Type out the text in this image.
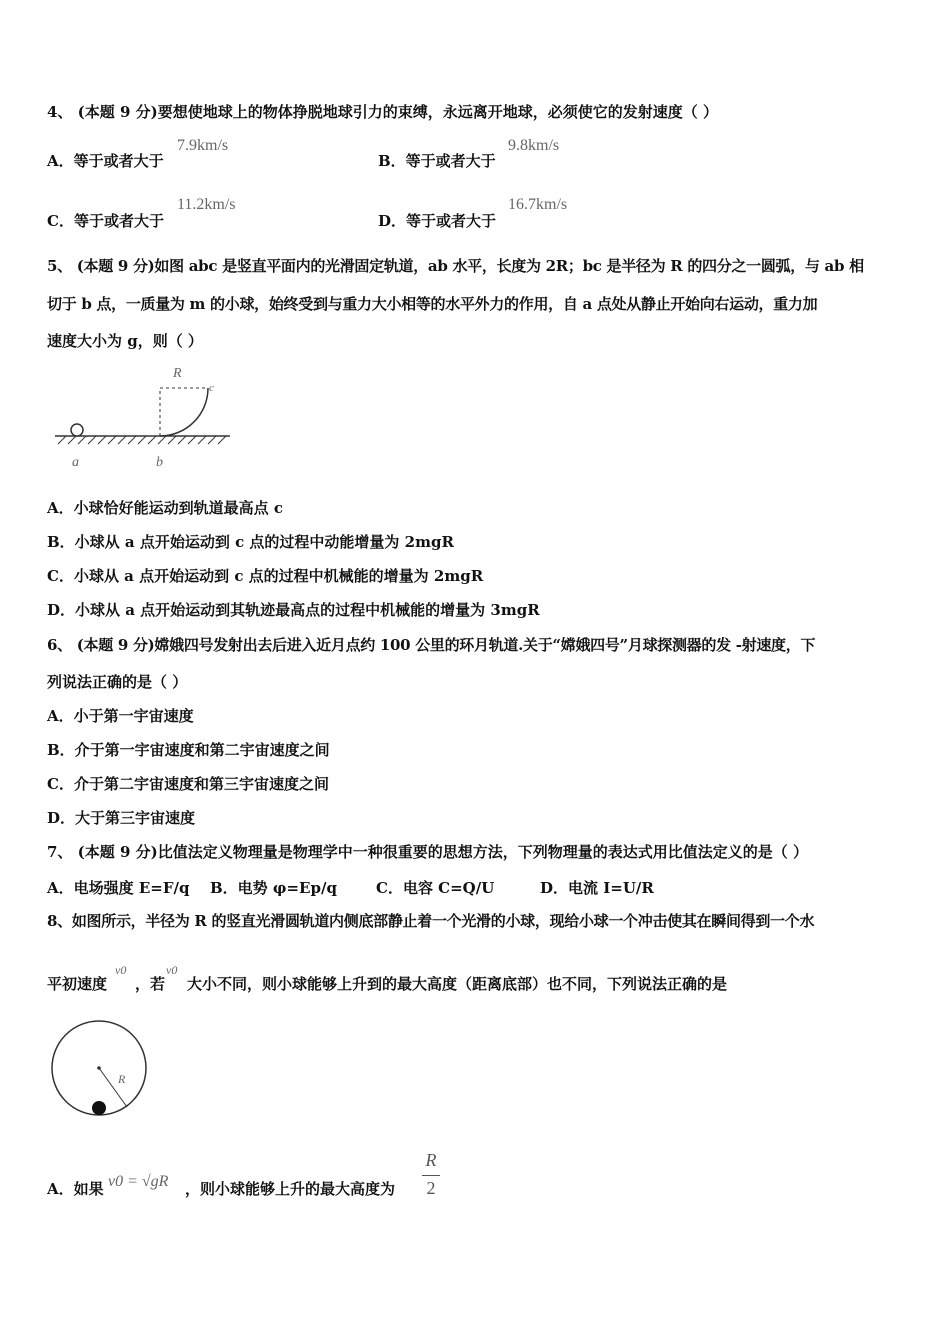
4、 (本题 9 分)要想使地球上的物体挣脱地球引力的束缚，永远离开地球，必须使它的发射速度（ ）
A．等于或者大于
7.9km/s
B．等于或者大于
9.8km/s
C．等于或者大于
11.2km/s
D．等于或者大于
16.7km/s
5、 (本题 9 分)如图 abc 是竖直平面内的光滑固定轨道，ab 水平，长度为 2R；bc 是半径为 R 的四分之一圆弧，与 ab 相
切于 b 点，一质量为 m 的小球，始终受到与重力大小相等的水平外力的作用，自 a 点处从静止开始向右运动，重力加
速度大小为 g，则（ ）
R
c
a	b
A．小球恰好能运动到轨道最高点 c
B．小球从 a 点开始运动到 c 点的过程中动能增量为 2mgR
C．小球从 a 点开始运动到 c 点的过程中机械能的增量为 2mgR
D．小球从 a 点开始运动到其轨迹最高点的过程中机械能的增量为 3mgR
6、 (本题 9 分)嫦娥四号发射出去后进入近月点约 100 公里的环月轨道.关于“嫦娥四号”月球探测器的发 -射速度，下
列说法正确的是（ ）
A．小于第一宇宙速度
B．介于第一宇宙速度和第二宇宙速度之间
C．介于第二宇宙速度和第三宇宙速度之间
D．大于第三宇宙速度
7、 (本题 9 分)比值法定义物理量是物理学中一种很重要的思想方法，下列物理量的表达式用比值法定义的是（ ）
A．电场强度 E=F/q B．电势 φ=Ep/q	C．电容 C=Q/U	D．电流 I=U/R
8、如图所示，半径为 R 的竖直光滑圆轨道内侧底部静止着一个光滑的小球，现给小球一个冲击使其在瞬间得到一个水
平初速度
v0
，若
v0
大小不同，则小球能够上升到的最大高度（距离底部）也不同，下列说法正确的是
R
A．如果 v0 = √gR ，则小球能够上升的最大高度为
R
2
